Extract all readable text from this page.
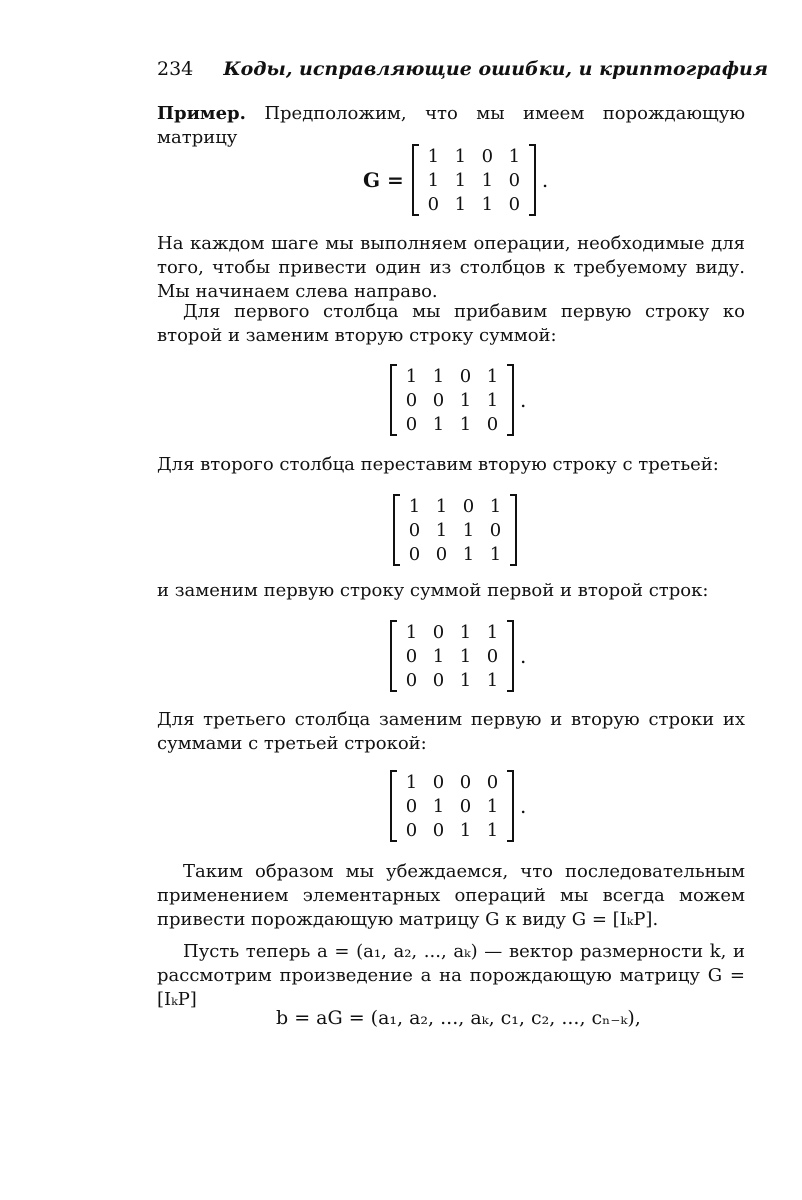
234 Коды, исправляющие ошибки, и криптография

Пример. Предположим, что мы имеем порождающую матрицу

G =
1 1 0 1
1 1 1 0
0 1 1 0
.

На каждом шаге мы выполняем операции, необходимые для того, чтобы привести один из столбцов к требуемому виду. Мы начинаем слева направо.

Для первого столбца мы прибавим первую строку ко второй и заменим вторую строку суммой:

1 1 0 1
0 0 1 1
0 1 1 0
.

Для второго столбца переставим вторую строку с третьей:

1 1 0 1
0 1 1 0
0 0 1 1

и заменим первую строку суммой первой и второй строк:

1 0 1 1
0 1 1 0
0 0 1 1
.

Для третьего столбца заменим первую и вторую строки их суммами с третьей строкой:

1 0 0 0
0 1 0 1
0 0 1 1
.

Таким образом мы убеждаемся, что последовательным применением элементарных операций мы всегда можем привести порождающую матрицу G к виду G = [IₖP].

Пусть теперь a = (a₁, a₂, ..., aₖ) — вектор размерности k, и рассмотрим произведение a на порождающую матрицу G = [IₖP]

b = aG = (a₁, a₂, ..., aₖ, c₁, c₂, ..., cₙ₋ₖ),
